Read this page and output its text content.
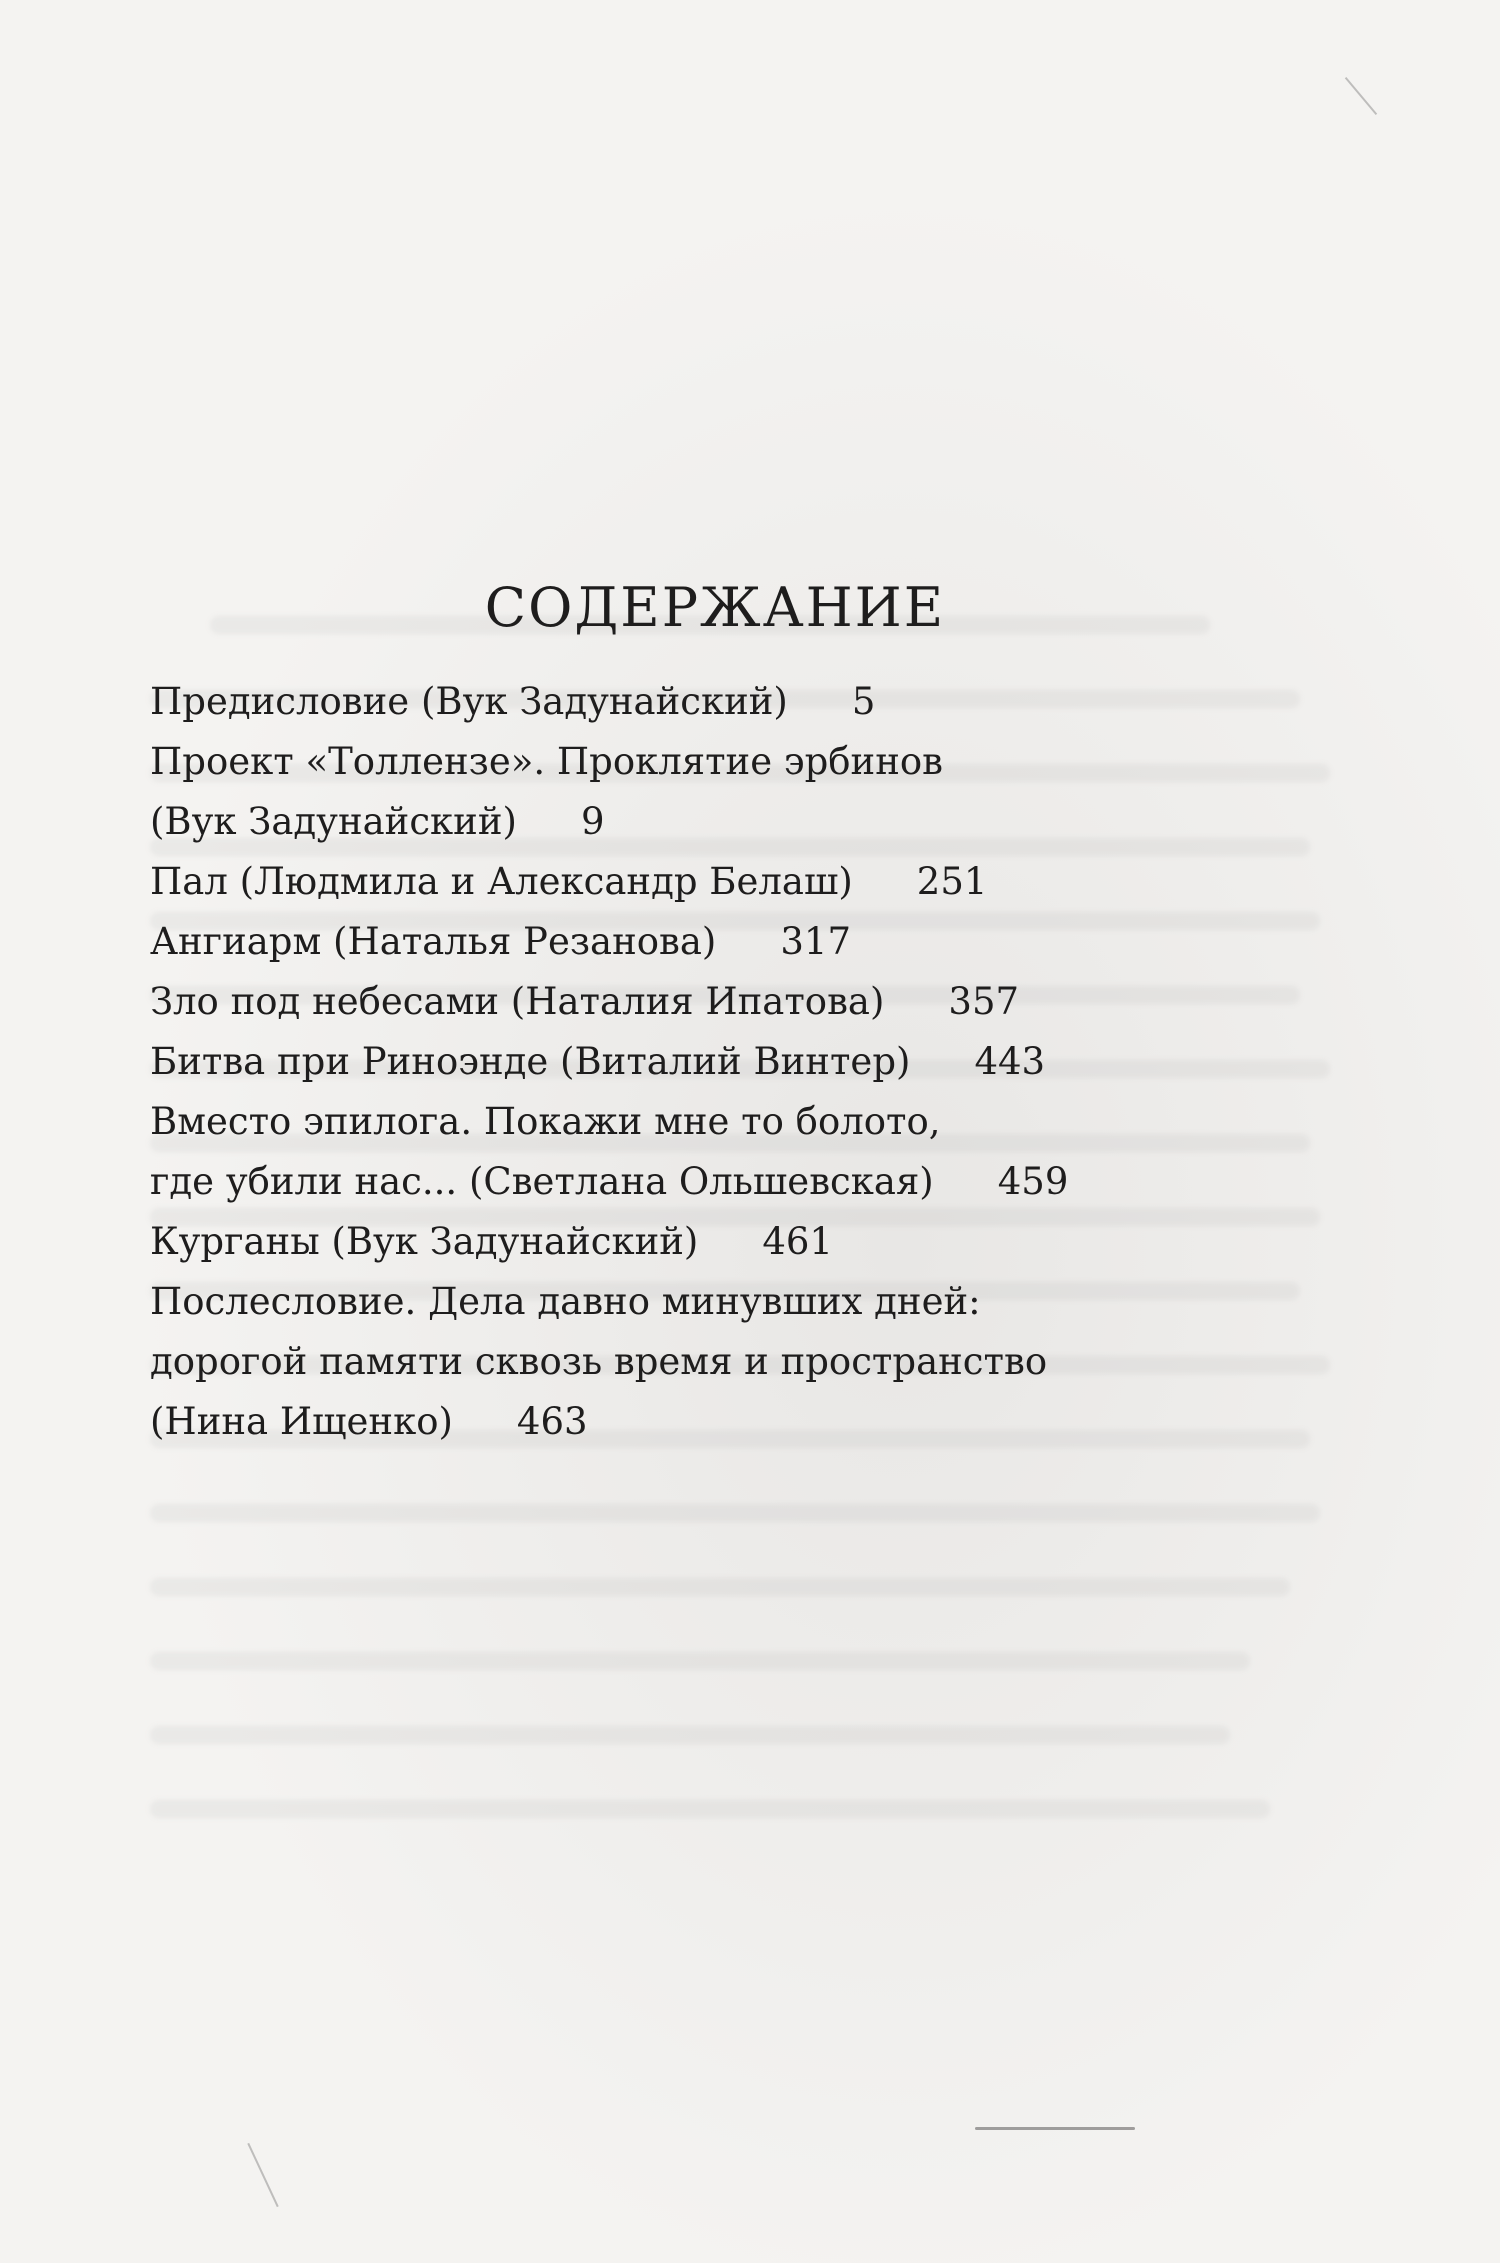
СОДЕРЖАНИЕ
Предисловие (Вук Задунайский) 5
Проект «Толлензе». Проклятие эрбинов
(Вук Задунайский) 9
Пал (Людмила и Александр Белаш) 251
Ангиарм (Наталья Резанова) 317
Зло под небесами (Наталия Ипатова) 357
Битва при Риноэнде (Виталий Винтер) 443
Вместо эпилога. Покажи мне то болото,
где убили нас... (Светлана Ольшевская) 459
Курганы (Вук Задунайский) 461
Послесловие. Дела давно минувших дней:
дорогой памяти сквозь время и пространство
(Нина Ищенко) 463
